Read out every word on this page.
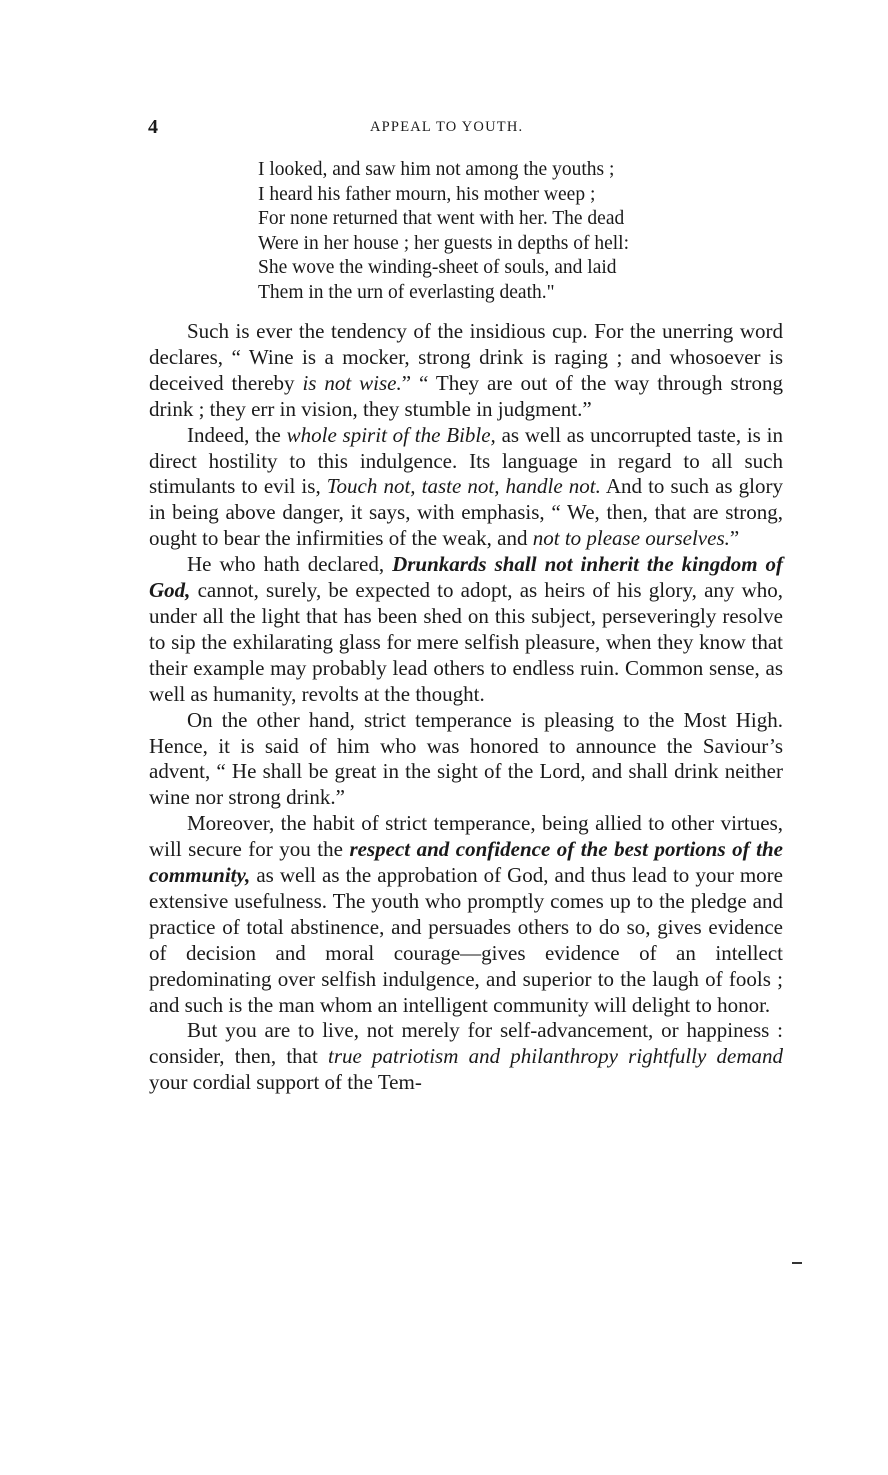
4	APPEAL TO YOUTH.
I looked, and saw him not among the youths ;
I heard his father mourn, his mother weep ;
For none returned that went with her. The dead
Were in her house ; her guests in depths of hell:
She wove the winding-sheet of souls, and laid
Them in the urn of everlasting death."

Such is ever the tendency of the insidious cup. For the unerring word declares, “ Wine is a mocker, strong drink is raging ; and whosoever is deceived thereby is not wise.” “ They are out of the way through strong drink ; they err in vision, they stumble in judgment.”

Indeed, the whole spirit of the Bible, as well as uncorrupted taste, is in direct hostility to this indulgence. Its language in regard to all such stimulants to evil is, Touch not, taste not, handle not. And to such as glory in being above danger, it says, with emphasis, “ We, then, that are strong, ought to bear the infirmities of the weak, and not to please ourselves.”

He who hath declared, Drunkards shall not inherit the kingdom of God, cannot, surely, be expected to adopt, as heirs of his glory, any who, under all the light that has been shed on this subject, perseveringly resolve to sip the exhilarating glass for mere selfish pleasure, when they know that their example may probably lead others to endless ruin. Common sense, as well as humanity, revolts at the thought.

On the other hand, strict temperance is pleasing to the Most High. Hence, it is said of him who was honored to announce the Saviour’s advent, “ He shall be great in the sight of the Lord, and shall drink neither wine nor strong drink.”

Moreover, the habit of strict temperance, being allied to other virtues, will secure for you the respect and confidence of the best portions of the community, as well as the approbation of God, and thus lead to your more extensive usefulness. The youth who promptly comes up to the pledge and practice of total abstinence, and persuades others to do so, gives evidence of decision and moral courage—gives evidence of an intellect predominating over selfish indulgence, and superior to the laugh of fools ; and such is the man whom an intelligent community will delight to honor.

But you are to live, not merely for self-advancement, or happiness : consider, then, that true patriotism and philanthropy rightfully demand your cordial support of the Tem-
